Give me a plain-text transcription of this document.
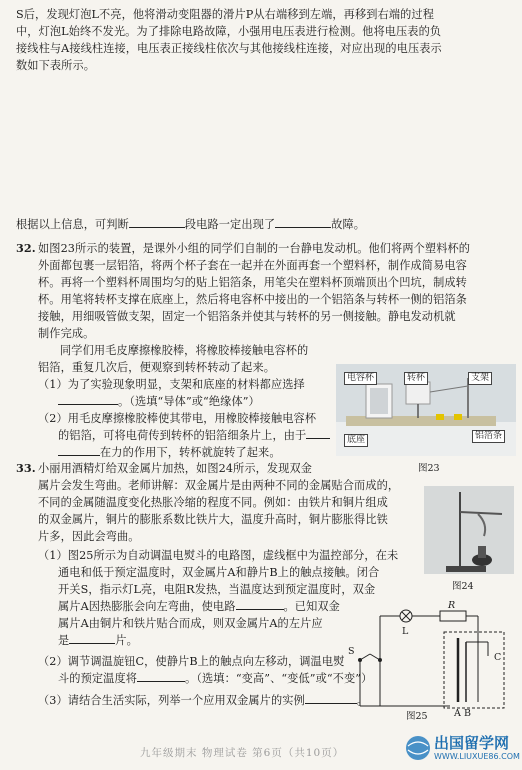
S后，发现灯泡L不亮，他将滑动变阻器的滑片P从右端移到左端，再移到右端的过程
中，灯泡L始终不发光。为了排除电路故障，小强用电压表进行检测。他将电压表的负
接线柱与A接线柱连接，电压表正接线柱依次与其他接线柱连接，对应出现的电压表示
数如下表所示。
根据以上信息，可判断	段电路一定出现了	故障。
32. 如图23所示的装置，是课外小组的同学们自制的一台静电发动机。他们将两个塑料杯的
外面都包裹一层铝箔，将两个杯子套在一起并在外面再套一个塑料杯，制作成简易电容
杯。再将一个塑料杯周围均匀的贴上铝箔条，用笔尖在塑料杯顶端顶出个凹坑，制成转
杯。用笔将转杯支撑在底座上，然后将电容杯中接出的一个铝箔条与转杯一侧的铝箔条
接触，用细吸管做支架，固定一个铝箔条并使其与转杯的另一侧接触。静电发动机就
制作完成。
同学们用毛皮摩擦橡胶棒，将橡胶棒接触电容杯的
铝箔，重复几次后，便观察到转杯转动了起来。
（1）为了实验现象明显，支架和底座的材料都应选择
。（选填“导体”或“绝缘体”）
（2）用毛皮摩擦橡胶棒使其带电，用橡胶棒接触电容杯
的铝箔，可将电荷传到转杯的铝箔细条片上，由于
在力的作用下，转杯就旋转了起来。
电容杯	转杯	支架
底座	铝箔条
图23
33. 小丽用酒精灯给双金属片加热，如图24所示，发现双金
属片会发生弯曲。老师讲解：双金属片是由两种不同的金属贴合而成的，
不同的金属随温度变化热胀冷缩的程度不同。例如：由铁片和铜片组成
的双金属片，铜片的膨胀系数比铁片大，温度升高时，铜片膨胀得比铁
片多，因此会弯曲。
（1）图25所示为自动调温电熨斗的电路图，虚线框中为温控部分，在未
通电和低于预定温度时，双金属片A和静片B上的触点接触。闭合
开关S，指示灯L亮，电阻R发热，当温度达到预定温度时，双金
属片A因热膨胀会向左弯曲，使电路	。已知双金
属片A由铜片和铁片贴合而成，则双金属片A的左片应
是	片。
（2）调节调温旋钮C，使静片B上的触点向左移动，调温电熨
斗的预定温度将	。（选填：“变高”、“变低”或“不变”）
（3）请结合生活实际，列举一个应用双金属片的实例	。
图24
L
R
S
C
A B
图25
九年级期末 物理试卷 第6页（共10页）
出国留学网
WWW.LIUXUE86.COM
